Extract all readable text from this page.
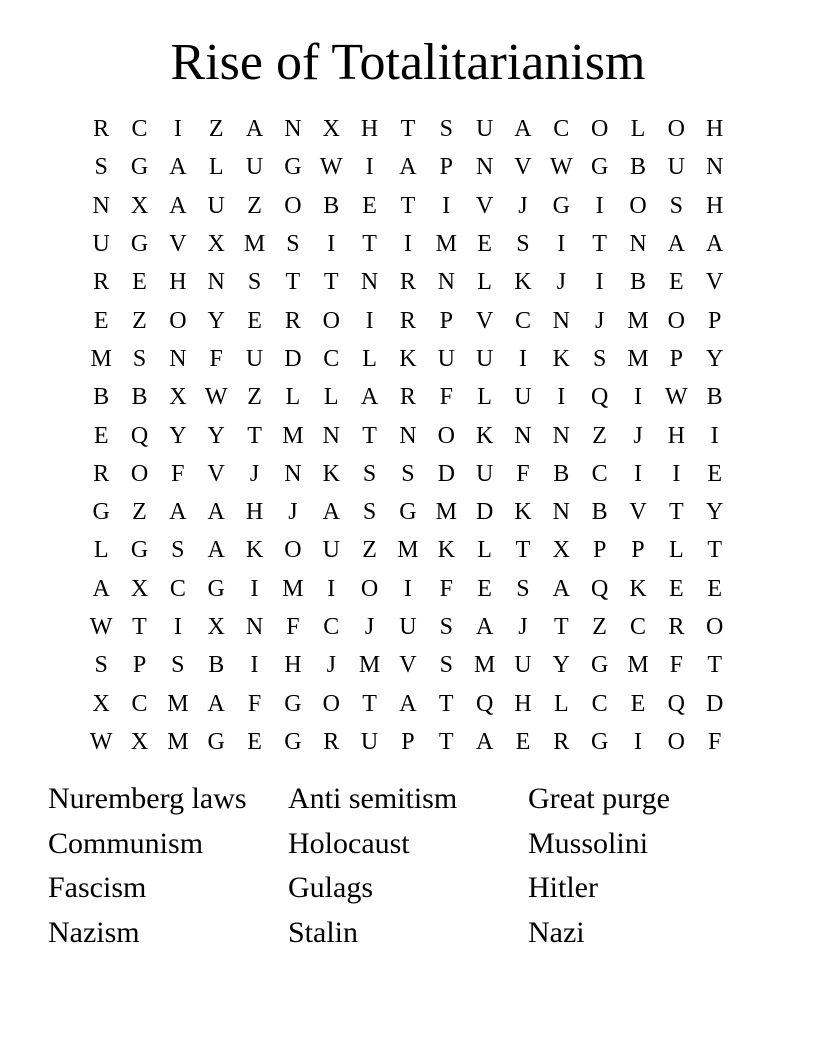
Rise of Totalitarianism
R C	I	Z A N X H T	S U A C O L O H
S G A L U G W I	A P N V W G B U N
N X A U Z O B E T	I	V	J	G	I	O S H
U G V X M S	I	T	I M E	S	I	T N A A
R E H N S	T T N R N L K	J	I	B E V
E Z O Y E R O	I	R P V C N	J M O P
M S N F U D C L K U U	I	K S M P Y
B B X W Z L L A R F	L U	I	Q	I W B
E Q Y Y T M N T N O K N N Z	J	H	I
R O F V	J	N K S	S D U F B C	I	I	E
G Z A A H	J	A S G M D K N B V T Y
L G S A K O U Z M K L T X P	P	L T
A X C G	I M I	O	I	F	E	S A Q K E E
W T	I	X N F C	J	U S A	J	T Z C R O
S	P	S B	I	H	J M V S M U Y G M F	T
X C M A F G O T A T Q H L C E Q D
W X M G E G R U P	T A E R G	I	O F
Nuremberg laws	Anti semitism	Great purge
Communism	Holocaust	Mussolini
Fascism	Gulags	Hitler
Nazism	Stalin	Nazi
